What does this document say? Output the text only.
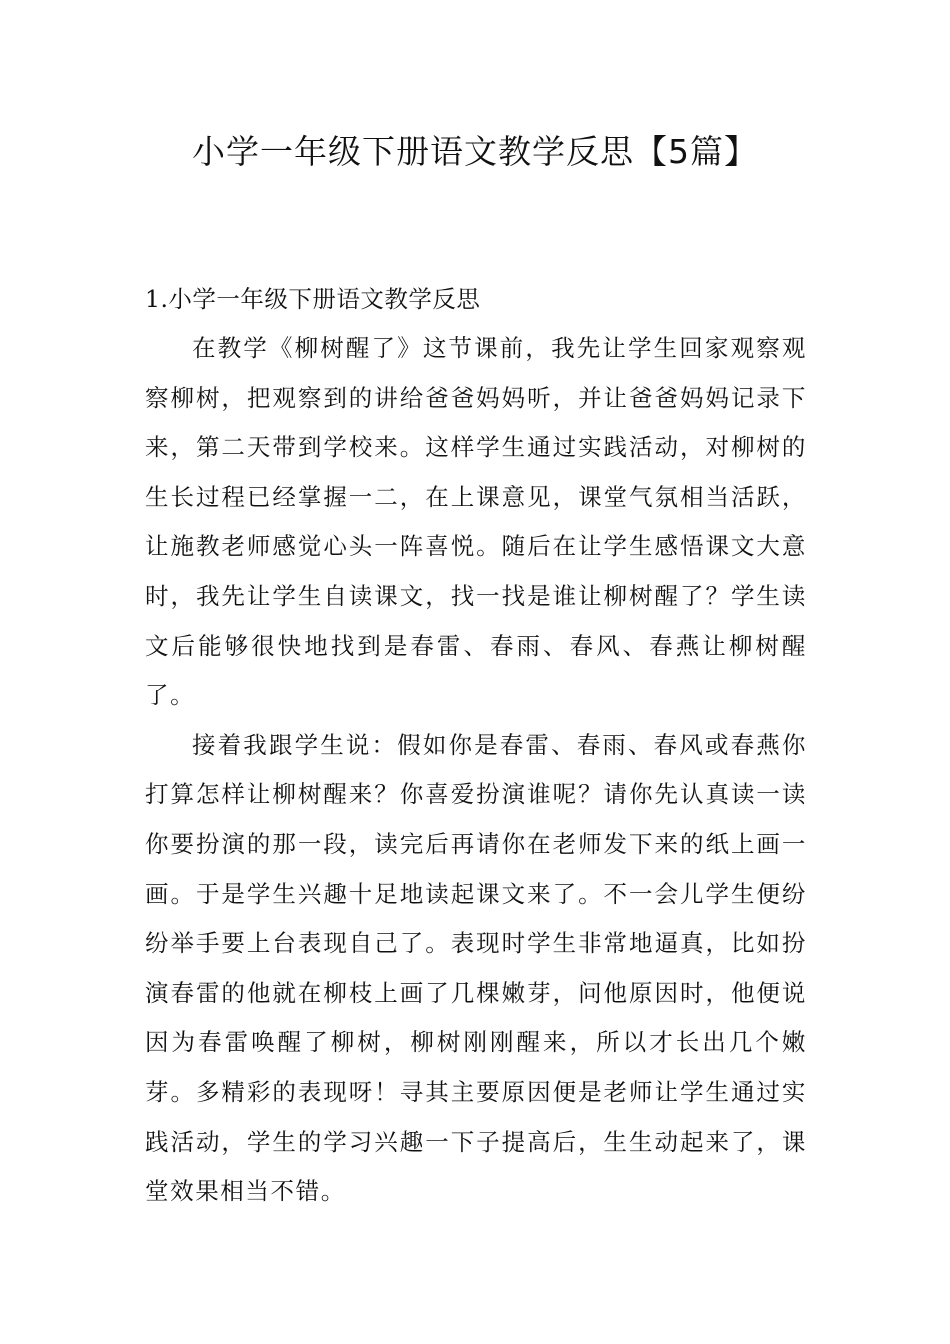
小学一年级下册语文教学反思【5篇】
1.小学一年级下册语文教学反思

在教学《柳树醒了》这节课前，我先让学生回家观察观察柳树，把观察到的讲给爸爸妈妈听，并让爸爸妈妈记录下来，第二天带到学校来。这样学生通过实践活动，对柳树的生长过程已经掌握一二，在上课意见，课堂气氛相当活跃，让施教老师感觉心头一阵喜悦。随后在让学生感悟课文大意时，我先让学生自读课文，找一找是谁让柳树醒了？学生读文后能够很快地找到是春雷、春雨、春风、春燕让柳树醒了。

接着我跟学生说：假如你是春雷、春雨、春风或春燕你打算怎样让柳树醒来？你喜爱扮演谁呢？请你先认真读一读你要扮演的那一段，读完后再请你在老师发下来的纸上画一画。于是学生兴趣十足地读起课文来了。不一会儿学生便纷纷举手要上台表现自己了。表现时学生非常地逼真，比如扮演春雷的他就在柳枝上画了几棵嫩芽，问他原因时，他便说因为春雷唤醒了柳树，柳树刚刚醒来，所以才长出几个嫩芽。多精彩的表现呀！寻其主要原因便是老师让学生通过实践活动，学生的学习兴趣一下子提高后，生生动起来了，课堂效果相当不错。
